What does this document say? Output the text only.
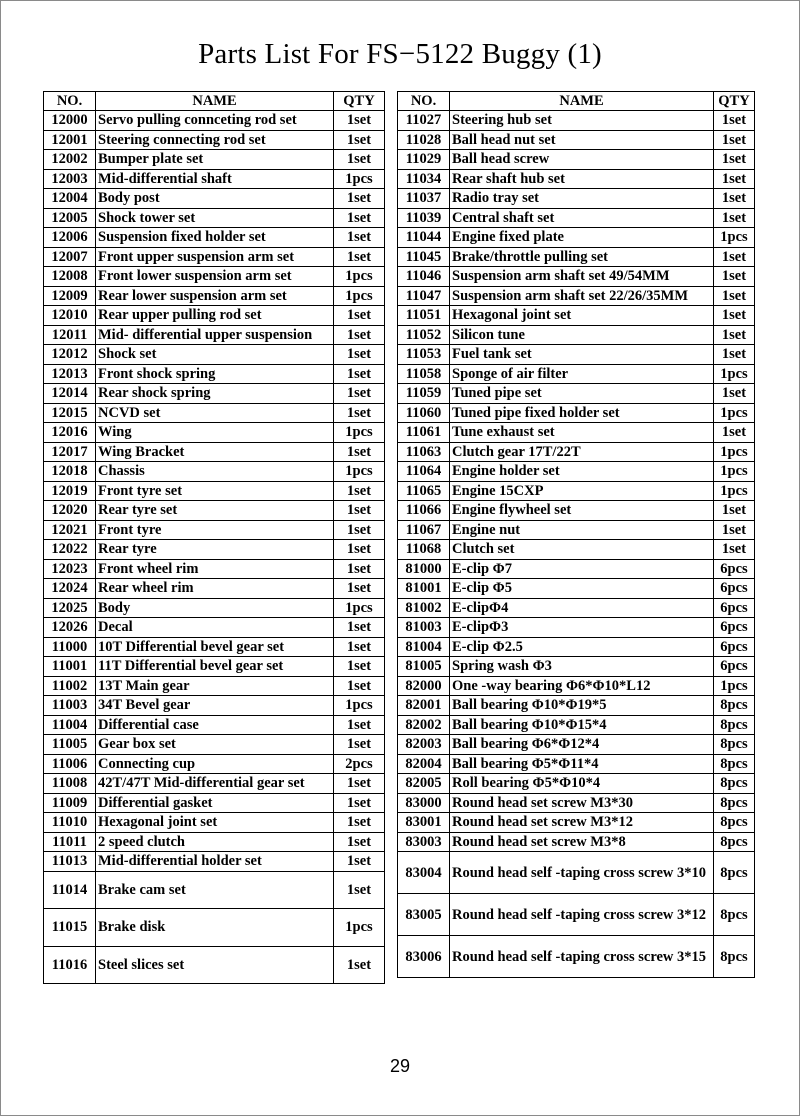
Parts List For FS−5122 Buggy (1)
NO.	NAME	QTY
12000	Servo pulling connceting rod set	1set
12001	Steering connecting rod set	1set
12002	Bumper plate set	1set
12003	Mid-differential shaft	1pcs
12004	Body post	1set
12005	Shock tower set	1set
12006	Suspension fixed holder set	1set
12007	Front upper suspension arm set	1set
12008	Front lower suspension arm set	1pcs
12009	Rear lower suspension arm set	1pcs
12010	Rear upper pulling rod set	1set
12011	Mid- differential upper suspension	1set
12012	Shock set	1set
12013	Front shock spring	1set
12014	Rear shock spring	1set
12015	NCVD set	1set
12016	Wing	1pcs
12017	Wing Bracket	1set
12018	Chassis	1pcs
12019	Front tyre set	1set
12020	Rear tyre set	1set
12021	Front tyre	1set
12022	Rear tyre	1set
12023	Front wheel rim	1set
12024	Rear wheel rim	1set
12025	Body	1pcs
12026	Decal	1set
11000	10T Differential bevel gear set	1set
11001	11T Differential bevel gear set	1set
11002	13T Main gear	1set
11003	34T Bevel gear	1pcs
11004	Differential case	1set
11005	Gear box set	1set
11006	Connecting cup	2pcs
11008	42T/47T Mid-differential gear set	1set
11009	Differential gasket	1set
11010	Hexagonal joint set	1set
11011	2 speed clutch	1set
11013	Mid-differential holder set	1set
11014	Brake cam set	1set
11015	Brake disk	1pcs
11016	Steel slices set	1set
NO.	NAME	QTY
11027	Steering hub set	1set
11028	Ball head nut set	1set
11029	Ball head screw	1set
11034	Rear shaft hub set	1set
11037	Radio tray set	1set
11039	Central shaft set	1set
11044	Engine fixed plate	1pcs
11045	Brake/throttle pulling set	1set
11046	Suspension arm shaft set 49/54MM	1set
11047	Suspension arm shaft set 22/26/35MM	1set
11051	Hexagonal joint set	1set
11052	Silicon tune	1set
11053	Fuel tank set	1set
11058	Sponge of air filter	1pcs
11059	Tuned pipe set	1set
11060	Tuned pipe fixed holder set	1pcs
11061	Tune exhaust set	1set
11063	Clutch gear 17T/22T	1pcs
11064	Engine holder set	1pcs
11065	Engine 15CXP	1pcs
11066	Engine flywheel set	1set
11067	Engine nut	1set
11068	Clutch set	1set
81000	E-clip Φ7	6pcs
81001	E-clip Φ5	6pcs
81002	E-clipΦ4	6pcs
81003	E-clipΦ3	6pcs
81004	E-clip Φ2.5	6pcs
81005	Spring wash Φ3	6pcs
82000	One -way bearing Φ6*Φ10*L12	1pcs
82001	Ball bearing Φ10*Φ19*5	8pcs
82002	Ball bearing Φ10*Φ15*4	8pcs
82003	Ball bearing Φ6*Φ12*4	8pcs
82004	Ball bearing Φ5*Φ11*4	8pcs
82005	Roll bearing Φ5*Φ10*4	8pcs
83000	Round head set screw M3*30	8pcs
83001	Round head set screw M3*12	8pcs
83003	Round head set screw M3*8	8pcs
83004	Round head self -taping cross screw 3*10	8pcs
83005	Round head self -taping cross screw 3*12	8pcs
83006	Round head self -taping cross screw 3*15	8pcs
29
